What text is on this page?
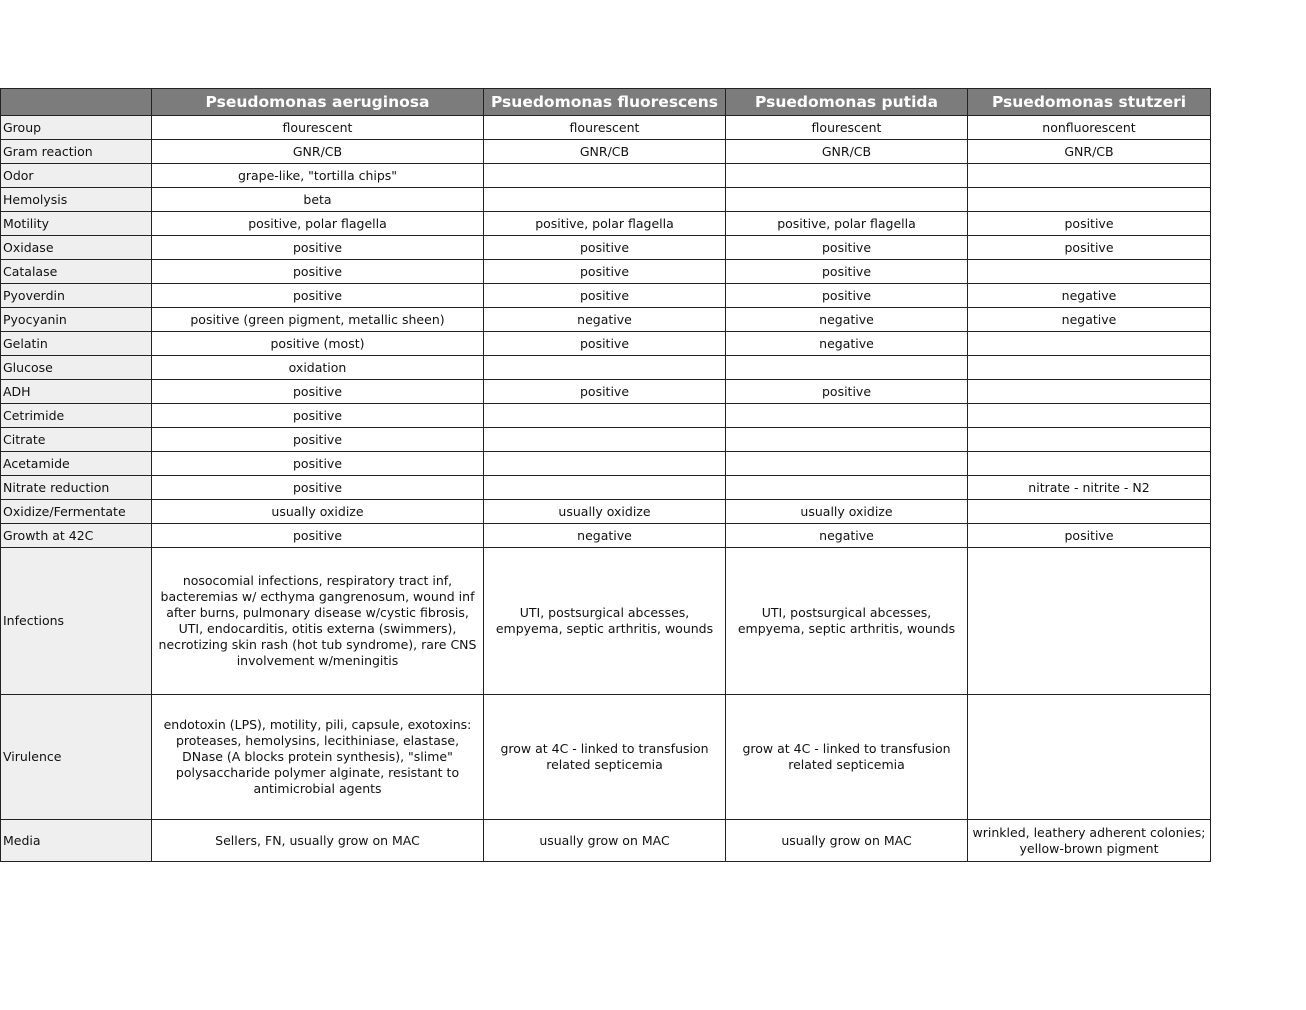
	Pseudomonas aeruginosa	Psuedomonas fluorescens	Psuedomonas putida	Psuedomonas stutzeri
Group	flourescent	flourescent	flourescent	nonfluorescent
Gram reaction	GNR/CB	GNR/CB	GNR/CB	GNR/CB
Odor	grape-like, "tortilla chips"			
Hemolysis	beta			
Motility	positive, polar flagella	positive, polar flagella	positive, polar flagella	positive
Oxidase	positive	positive	positive	positive
Catalase	positive	positive	positive	
Pyoverdin	positive	positive	positive	negative
Pyocyanin	positive (green pigment, metallic sheen)	negative	negative	negative
Gelatin	positive (most)	positive	negative	
Glucose	oxidation			
ADH	positive	positive	positive	
Cetrimide	positive			
Citrate	positive			
Acetamide	positive			
Nitrate reduction	positive			nitrate - nitrite - N2
Oxidize/Fermentate	usually oxidize	usually oxidize	usually oxidize	
Growth at 42C	positive	negative	negative	positive
Infections	nosocomial infections, respiratory tract inf, bacteremias w/ ecthyma gangrenosum, wound inf after burns, pulmonary disease w/cystic fibrosis, UTI, endocarditis, otitis externa (swimmers), necrotizing skin rash (hot tub syndrome), rare CNS involvement w/meningitis	UTI, postsurgical abcesses, empyema, septic arthritis, wounds	UTI, postsurgical abcesses, empyema, septic arthritis, wounds	
Virulence	endotoxin (LPS), motility, pili, capsule, exotoxins: proteases, hemolysins, lecithiniase, elastase, DNase (A blocks protein synthesis), "slime" polysaccharide polymer alginate, resistant to antimicrobial agents	grow at 4C - linked to transfusion related septicemia	grow at 4C - linked to transfusion related septicemia	
Media	Sellers, FN, usually grow on MAC	usually grow on MAC	usually grow on MAC	wrinkled, leathery adherent colonies; yellow-brown pigment
